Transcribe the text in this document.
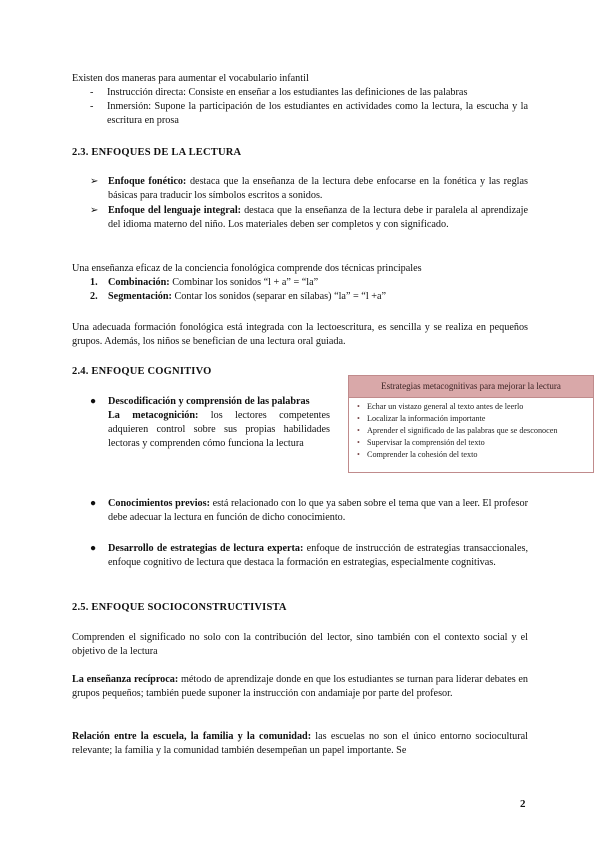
Existen dos maneras para aumentar el vocabulario infantil
- Instrucción directa: Consiste en enseñar a los estudiantes las definiciones de las palabras
- Inmersión: Supone la participación de los estudiantes en actividades como la lectura, la escucha y la escritura en prosa
2.3. ENFOQUES DE LA LECTURA
➢ Enfoque fonético: destaca que la enseñanza de la lectura debe enfocarse en la fonética y las reglas básicas para traducir los símbolos escritos a sonidos.
➢ Enfoque del lenguaje integral: destaca que la enseñanza de la lectura debe ir paralela al aprendizaje del idioma materno del niño. Los materiales deben ser completos y con significado.
Una enseñanza eficaz de la conciencia fonológica comprende dos técnicas principales
1. Combinación: Combinar los sonidos “l + a” = “la”
2. Segmentación: Contar los sonidos (separar en sílabas) “la” = “l +a”
Una adecuada formación fonológica está integrada con la lectoescritura, es sencilla y se realiza en pequeños grupos. Además, los niños se benefician de una lectura oral guiada.
2.4. ENFOQUE COGNITIVO
● Descodificación y comprensión de las palabras
La metacognición: los lectores competentes adquieren control sobre sus propias habilidades lectoras y comprenden cómo funciona la lectura
Estrategias metacognitivas para mejorar la lectura
• Echar un vistazo general al texto antes de leerlo
• Localizar la información importante
• Aprender el significado de las palabras que se desconocen
• Supervisar la comprensión del texto
• Comprender la cohesión del texto
● Conocimientos previos: está relacionado con lo que ya saben sobre el tema que van a leer. El profesor debe adecuar la lectura en función de dicho conocimiento.
● Desarrollo de estrategias de lectura experta: enfoque de instrucción de estrategias transaccionales, enfoque cognitivo de lectura que destaca la formación en estrategias, especialmente cognitivas.
2.5. ENFOQUE SOCIOCONSTRUCTIVISTA
Comprenden el significado no solo con la contribución del lector, sino también con el contexto social y el objetivo de la lectura
La enseñanza recíproca: método de aprendizaje donde en que los estudiantes se turnan para liderar debates en grupos pequeños; también puede suponer la instrucción con andamiaje por parte del profesor.
Relación entre la escuela, la familia y la comunidad: las escuelas no son el único entorno sociocultural relevante; la familia y la comunidad también desempeñan un papel importante. Se
2
